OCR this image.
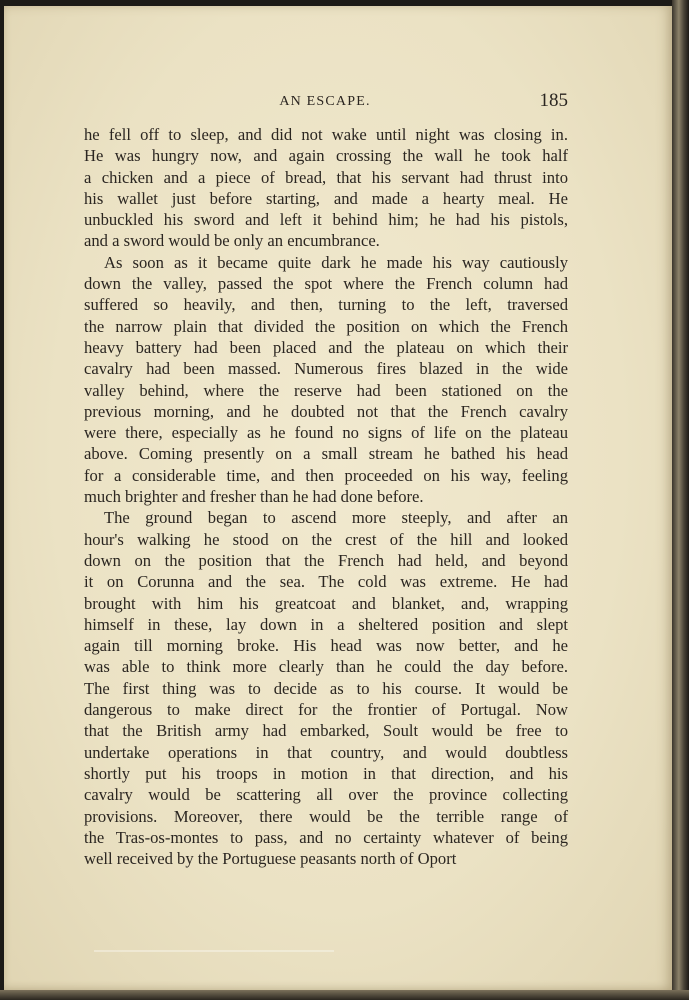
AN ESCAPE.	185
he fell off to sleep, and did not wake until night was closing in.
He was hungry now, and again crossing the wall he took half
a chicken and a piece of bread, that his servant had thrust into
his wallet just before starting, and made a hearty meal. He
unbuckled his sword and left it behind him; he had his pistols,
and a sword would be only an encumbrance.
As soon as it became quite dark he made his way cautiously
down the valley, passed the spot where the French column had
suffered so heavily, and then, turning to the left, traversed
the narrow plain that divided the position on which the French
heavy battery had been placed and the plateau on which their
cavalry had been massed. Numerous fires blazed in the wide
valley behind, where the reserve had been stationed on the
previous morning, and he doubted not that the French cavalry
were there, especially as he found no signs of life on the plateau
above. Coming presently on a small stream he bathed his head
for a considerable time, and then proceeded on his way, feeling
much brighter and fresher than he had done before.
The ground began to ascend more steeply, and after an
hour's walking he stood on the crest of the hill and looked
down on the position that the French had held, and beyond
it on Corunna and the sea. The cold was extreme. He had
brought with him his greatcoat and blanket, and, wrapping
himself in these, lay down in a sheltered position and slept
again till morning broke. His head was now better, and he
was able to think more clearly than he could the day before.
The first thing was to decide as to his course. It would be
dangerous to make direct for the frontier of Portugal. Now
that the British army had embarked, Soult would be free to
undertake operations in that country, and would doubtless
shortly put his troops in motion in that direction, and his
cavalry would be scattering all over the province collecting
provisions. Moreover, there would be the terrible range of
the Tras-os-montes to pass, and no certainty whatever of being
well received by the Portuguese peasants north of Oport
